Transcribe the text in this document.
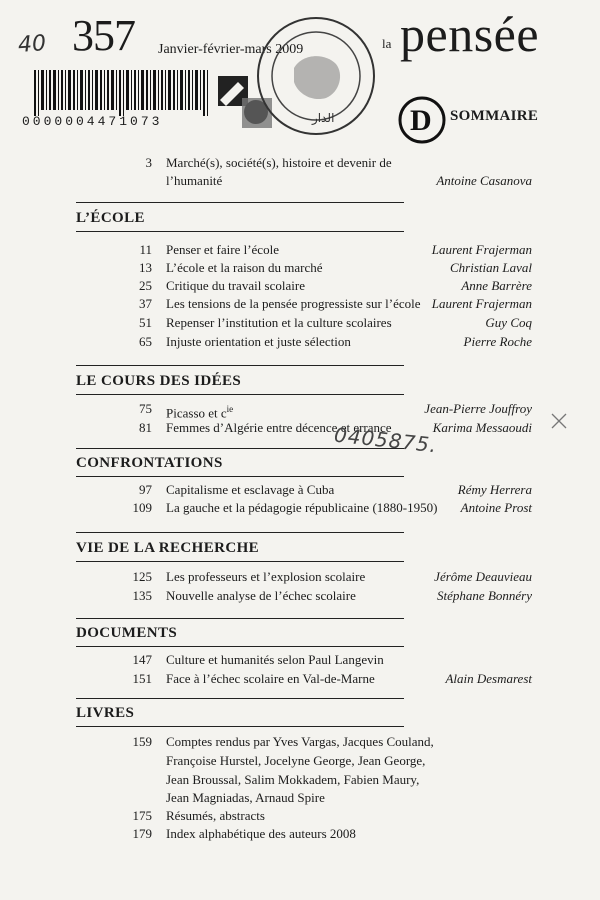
40 357 Janvier-février-mars 2009	la pensée
0000004471073	الدار	D SOMMAIRE
3 Marché(s), société(s), histoire et devenir de
l’humanité	Antoine Casanova
L’ÉCOLE
11 Penser et faire l’école	Laurent Frajerman
13 L’école et la raison du marché	Christian Laval
25 Critique du travail scolaire	Anne Barrère
37 Les tensions de la pensée progressiste sur l’école Laurent Frajerman
51 Repenser l’institution et la culture scolaires	Guy Coq
65 Injuste orientation et juste sélection	Pierre Roche
LE COURS DES IDÉES
75 Picasso et $c^{ie}$	Jean-Pierre Jouffroy
81 Femmes d’Algérie entre décence et errance	Karima Messaoudi
0405875.
CONFRONTATIONS
97 Capitalisme et esclavage à Cuba	Rémy Herrera
109 La gauche et la pédagogie républicaine (1880-1950) Antoine Prost
VIE DE LA RECHERCHE
125 Les professeurs et l’explosion scolaire	Jérôme Deauvieau
135 Nouvelle analyse de l’échec scolaire	Stéphane Bonnéry
DOCUMENTS
147 Culture et humanités selon Paul Langevin
151 Face à l’échec scolaire en Val-de-Marne	Alain Desmarest
LIVRES
159 Comptes rendus par Yves Vargas, Jacques Couland,
Françoise Hurstel, Jocelyne George, Jean George,
Jean Broussal, Salim Mokkadem, Fabien Maury,
Jean Magniadas, Arnaud Spire
175 Résumés, abstracts
179 Index alphabétique des auteurs 2008
